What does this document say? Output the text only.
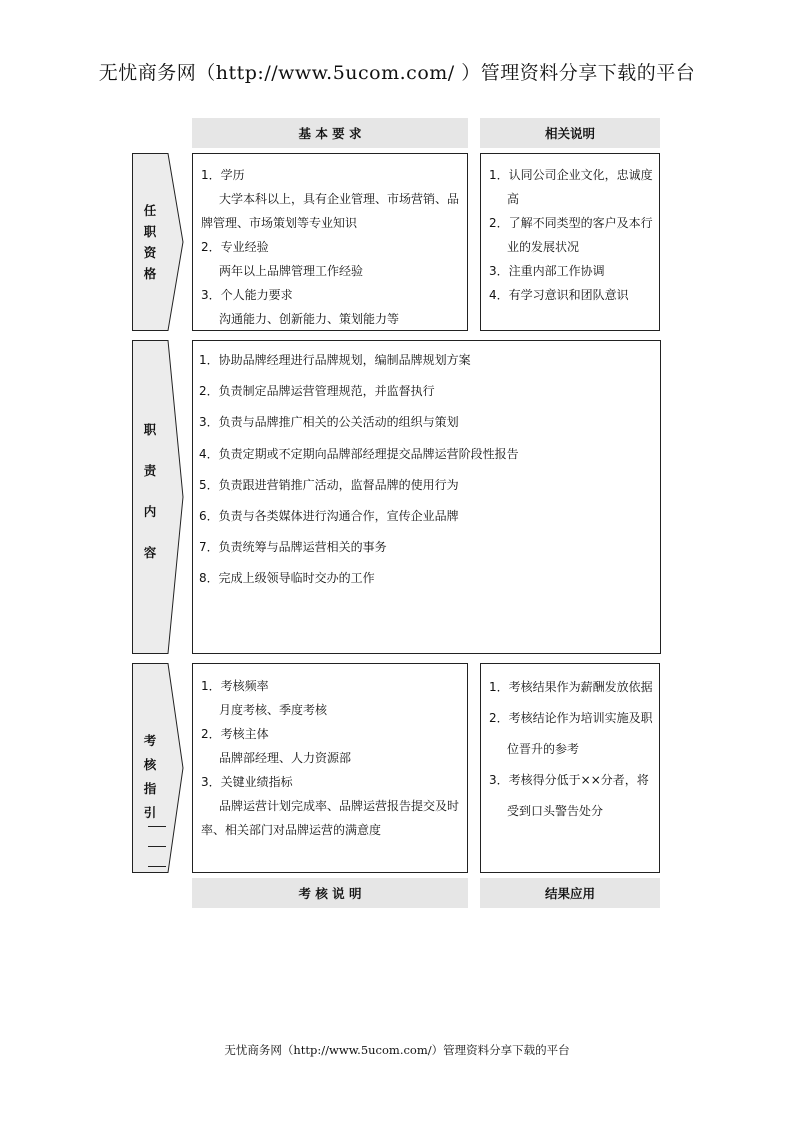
无忧商务网（http://www.5ucom.com/ ）管理资料分享下载的平台
基 本 要 求	相关说明
任
职
资
格
1．学历
大学本科以上，具有企业管理、市场营销、品
牌管理、市场策划等专业知识
2．专业经验
两年以上品牌管理工作经验
3．个人能力要求
沟通能力、创新能力、策划能力等
1．认同公司企业文化，忠诚度
高
2．了解不同类型的客户及本行
业的发展状况
3．注重内部工作协调
4．有学习意识和团队意识
职
责
内
容
1．协助品牌经理进行品牌规划，编制品牌规划方案
2．负责制定品牌运营管理规范，并监督执行
3．负责与品牌推广相关的公关活动的组织与策划
4．负责定期或不定期向品牌部经理提交品牌运营阶段性报告
5．负责跟进营销推广活动，监督品牌的使用行为
6．负责与各类媒体进行沟通合作，宣传企业品牌
7．负责统筹与品牌运营相关的事务
8．完成上级领导临时交办的工作
考
核
指
引
1．考核频率
月度考核、季度考核
2．考核主体
品牌部经理、人力资源部
3．关键业绩指标
品牌运营计划完成率、品牌运营报告提交及时
率、相关部门对品牌运营的满意度
1．考核结果作为薪酬发放依据
2．考核结论作为培训实施及职
位晋升的参考
3．考核得分低于××分者，将
受到口头警告处分
考 核 说 明	结果应用
无忧商务网（http://www.5ucom.com/）管理资料分享下载的平台
